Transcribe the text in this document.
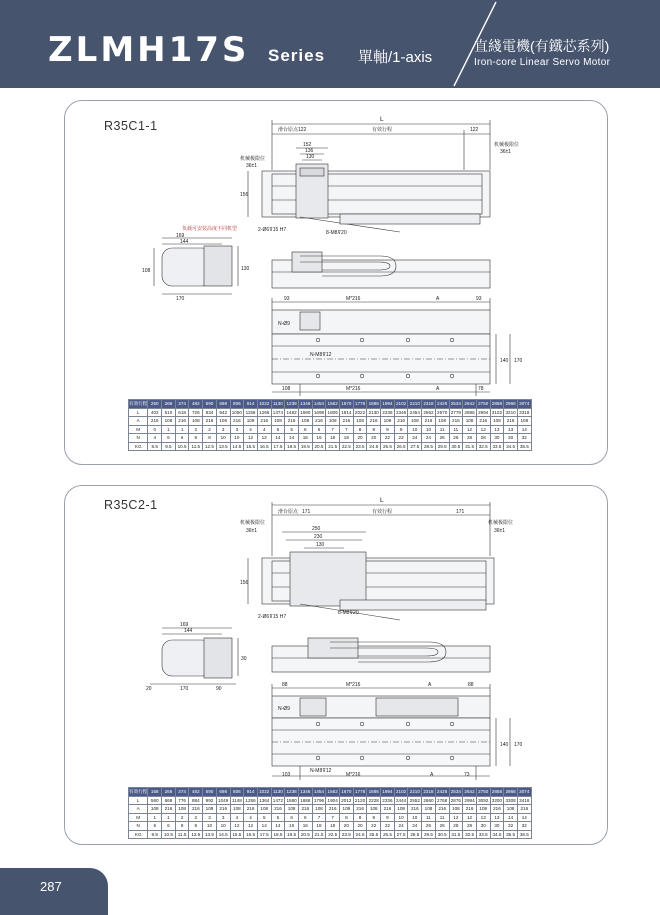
ZLMH17S Series 單軸/1-axis
直綫電機(有鐵芯系列)
Iron-core Linear Servo Motor
R35C1-1	L
滑台原点122	有效行程	122
机械极限位
36±1
机械极限位
36±1
152
136
130
156
2-Ø6⊽15 H7	8-M8⊽20
负载可安装高度不同机型
169
144
108	130
170	93	M*216	A	93
N-Ø9
N-M8⊽12
140 170
108	M*216	A	78
有效行程	250	266	374	482	590	698	806	914	1022	1130	1238	1346	1454	1562	1670	1778	1886	1994	2102	2210	2318	2426	2534	2642	2750	2858	2966	3074
L	402	510	618	726	834	942	1050	1158	1266	1374	1482	1590	1698	1806	1914	2022	2130	2238	2346	2454	2562	2670	2778	2886	2994	3102	3210	3318
A	216	108	216	108	216	108	216	108	216	108	216	108	216	108	216	108	216	108	216	108	216	108	216	108	216	108	216	108
M	0	1	1	2	2	3	3	4	4	5	5	6	6	7	7	8	8	9	9	10	10	11	11	12	12	13	13	14
N	4	6	6	8	8	10	10	12	12	14	14	16	16	18	18	20	20	22	22	24	24	26	26	28	28	30	30	32
KG	8.5	9.5	10.5	11.5	12.5	13.5	14.5	15.5	16.5	17.5	18.5	19.5	20.5	21.5	22.5	23.5	24.5	25.5	26.5	27.5	28.5	29.5	30.5	31.5	32.5	33.5	34.5	35.5
R35C2-1	L
滑台原点 171	有效行程	171
机械极限位
36±1
机械极限位
36±1
250
230
130
156
2-Ø6⊽15 H7
8-M8⊽20
169
144
30
20	170	90
88	M*216	A	88
N-Ø9
N-M8⊽12
140 170
103	M*216	A	73
有效行程	158	266	374	482	590	698	806	914	1022	1130	1238	1346	1454	1562	1670	1778	1886	1994	2102	2210	2318	2426	2534	2642	2750	2858	2966	3074
L	560	668	776	884	992	1049	1148	1256	1364	1472	1580	1688	1796	1904	2012	2120	2228	2336	2444	2552	2660	2768	2876	2984	3092	3200	3308	3416
A	108	216	108	216	108	216	108	216	108	216	108	216	108	216	108	216	108	216	108	216	108	216	108	216	108	216	108	216
M	1	1	2	2	3	3	4	4	5	5	6	6	7	7	8	8	9	9	10	10	11	11	12	12	13	13	14	14
N	6	6	8	8	10	10	12	12	14	14	16	16	18	18	20	20	22	22	24	24	26	26	28	28	30	30	32	32
KG	9.5	10.5	11.5	12.5	13.5	14.5	15.5	16.5	17.5	18.5	19.5	20.5	21.5	22.5	23.5	24.5	25.5	26.5	27.5	28.5	29.5	30.5	31.5	32.5	33.5	34.5	35.5	36.5
287
